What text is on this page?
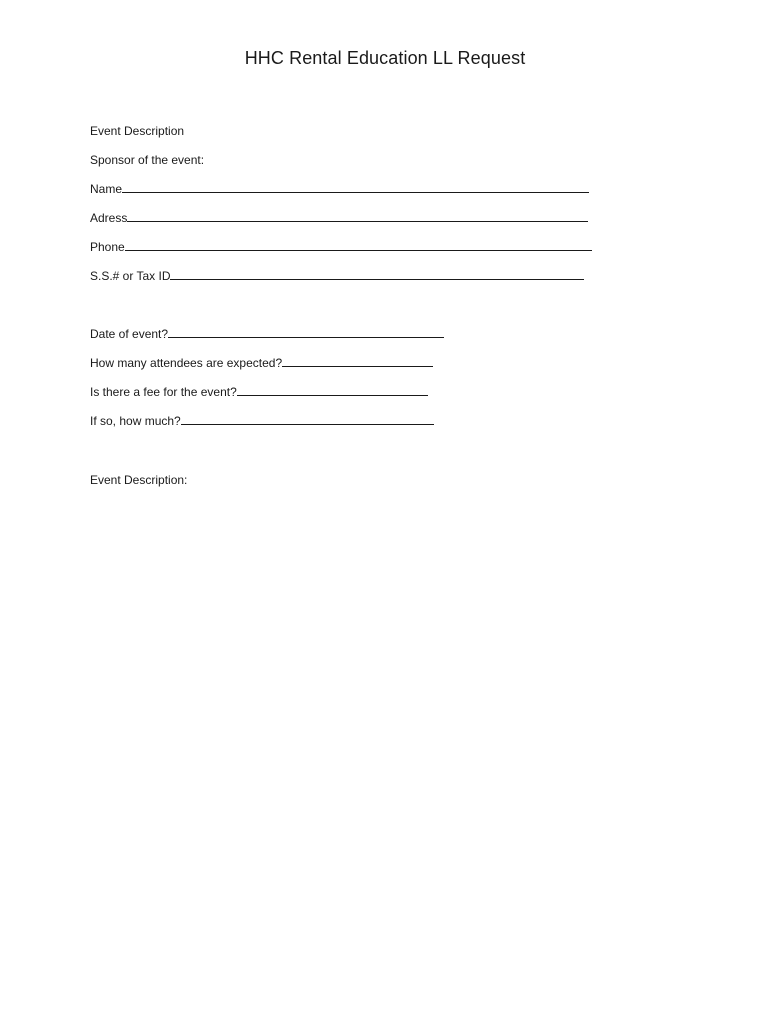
HHC Rental Education LL Request
Event Description
Sponsor of the event:
Name
Adress
Phone
S.S.# or Tax ID
Date of event?
How many attendees are expected?
Is there a fee for the event?
If so, how much?
Event Description:
